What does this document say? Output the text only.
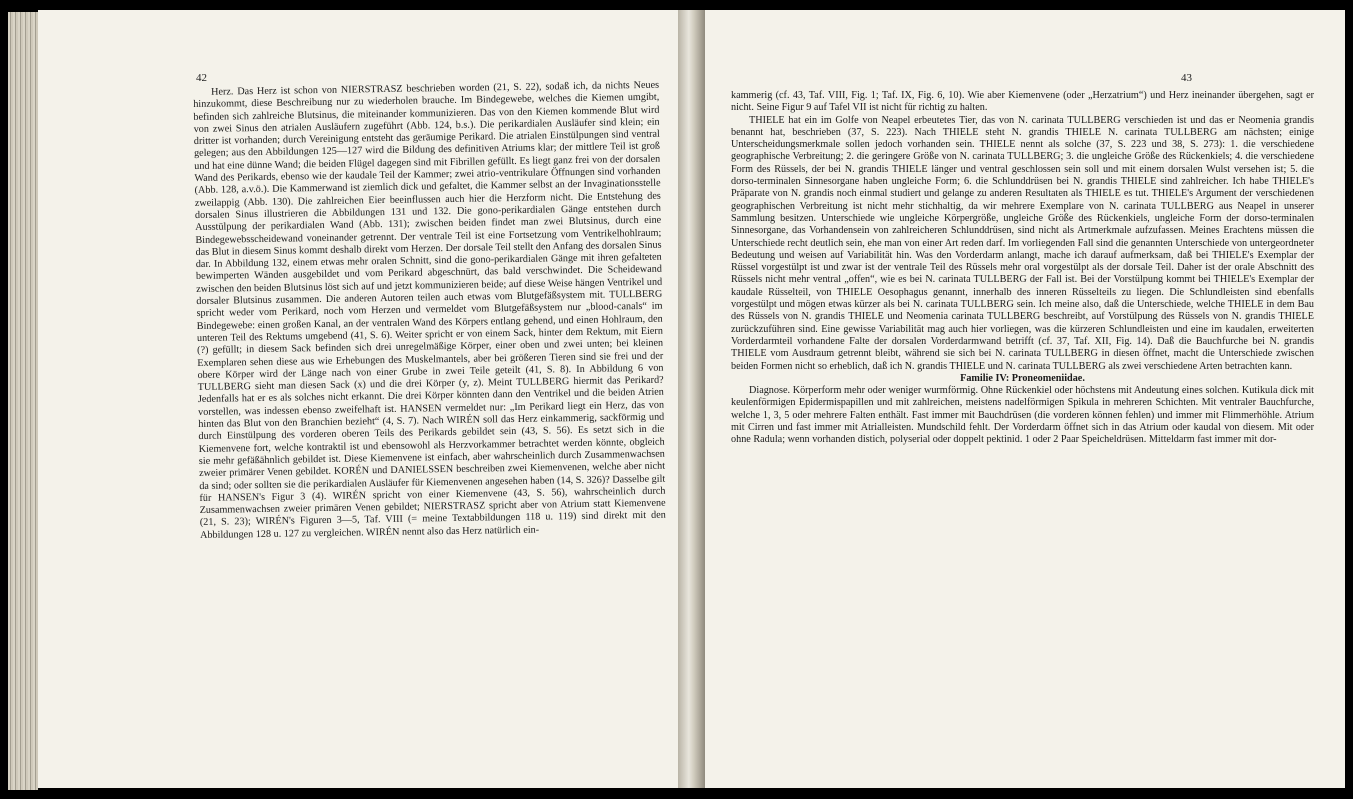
42

Herz. Das Herz ist schon von NIERSTRASZ beschrieben worden (21, S. 22), sodaß ich, da nichts Neues hinzukommt, diese Beschreibung nur zu wiederholen brauche. Im Bindegewebe, welches die Kiemen umgibt, befinden sich zahlreiche Blutsinus, die miteinander kommunizieren. Das von den Kiemen kommende Blut wird von zwei Sinus den atrialen Ausläufern zugeführt (Abb. 124, b.s.). Die perikardialen Ausläufer sind klein; ein dritter ist vorhanden; durch Vereinigung entsteht das geräumige Perikard. Die atrialen Einstülpungen sind ventral gelegen; aus den Abbildungen 125—127 wird die Bildung des definitiven Atriums klar; der mittlere Teil ist groß und hat eine dünne Wand; die beiden Flügel dagegen sind mit Fibrillen gefüllt. Es liegt ganz frei von der dorsalen Wand des Perikards, ebenso wie der kaudale Teil der Kammer; zwei atrio-ventrikulare Öffnungen sind vorhanden (Abb. 128, a.v.ö.). Die Kammerwand ist ziemlich dick und gefaltet, die Kammer selbst an der Invaginationsstelle zweilappig (Abb. 130). Die zahlreichen Eier beeinflussen auch hier die Herzform nicht. Die Entstehung des dorsalen Sinus illustrieren die Abbildungen 131 und 132. Die gono-perikardialen Gänge entstehen durch Ausstülpung der perikardialen Wand (Abb. 131); zwischen beiden findet man zwei Blutsinus, durch eine Bindegewebsscheidewand voneinander getrennt. Der ventrale Teil ist eine Fortsetzung vom Ventrikelhohlraum; das Blut in diesem Sinus kommt deshalb direkt vom Herzen. Der dorsale Teil stellt den Anfang des dorsalen Sinus dar. In Abbildung 132, einem etwas mehr oralen Schnitt, sind die gono-perikardialen Gänge mit ihren gefalteten bewimperten Wänden ausgebildet und vom Perikard abgeschnürt, das bald verschwindet. Die Scheidewand zwischen den beiden Blutsinus löst sich auf und jetzt kommunizieren beide; auf diese Weise hängen Ventrikel und dorsaler Blutsinus zusammen. Die anderen Autoren teilen auch etwas vom Blutgefäßsystem mit. TULLBERG spricht weder vom Perikard, noch vom Herzen und vermeldet vom Blutgefäßsystem nur „blood-canals“ im Bindegewebe: einen großen Kanal, an der ventralen Wand des Körpers entlang gehend, und einen Hohlraum, den unteren Teil des Rektums umgebend (41, S. 6). Weiter spricht er von einem Sack, hinter dem Rektum, mit Eiern (?) gefüllt; in diesem Sack befinden sich drei unregelmäßige Körper, einer oben und zwei unten; bei kleinen Exemplaren sehen diese aus wie Erhebungen des Muskelmantels, aber bei größeren Tieren sind sie frei und der obere Körper wird der Länge nach von einer Grube in zwei Teile geteilt (41, S. 8). In Abbildung 6 von TULLBERG sieht man diesen Sack (x) und die drei Körper (y, z). Meint TULLBERG hiermit das Perikard? Jedenfalls hat er es als solches nicht erkannt. Die drei Körper könnten dann den Ventrikel und die beiden Atrien vorstellen, was indessen ebenso zweifelhaft ist. HANSEN vermeldet nur: „Im Perikard liegt ein Herz, das von hinten das Blut von den Branchien bezieht“ (4, S. 7). Nach WIRÉN soll das Herz einkammerig, sackförmig und durch Einstülpung des vorderen oberen Teils des Perikards gebildet sein (43, S. 56). Es setzt sich in die Kiemenvene fort, welche kontraktil ist und ebensowohl als Herzvorkammer betrachtet werden könnte, obgleich sie mehr gefäßähnlich gebildet ist. Diese Kiemenvene ist einfach, aber wahrscheinlich durch Zusammenwachsen zweier primärer Venen gebildet. KORÉN und DANIELSSEN beschreiben zwei Kiemenvenen, welche aber nicht da sind; oder sollten sie die perikardialen Ausläufer für Kiemenvenen angesehen haben (14, S. 326)? Dasselbe gilt für HANSEN's Figur 3 (4). WIRÉN spricht von einer Kiemenvene (43, S. 56), wahrscheinlich durch Zusammenwachsen zweier primären Venen gebildet; NIERSTRASZ spricht aber von Atrium statt Kiemenvene (21, S. 23); WIRÉN's Figuren 3—5, Taf. VIII (= meine Textabbildungen 118 u. 119) sind direkt mit den Abbildungen 128 u. 127 zu vergleichen. WIRÉN nennt also das Herz natürlich ein-

43

kammerig (cf. 43, Taf. VIII, Fig. 1; Taf. IX, Fig. 6, 10). Wie aber Kiemenvene (oder „Herzatrium“) und Herz ineinander übergehen, sagt er nicht. Seine Figur 9 auf Tafel VII ist nicht für richtig zu halten.

THIELE hat ein im Golfe von Neapel erbeutetes Tier, das von N. carinata TULLBERG verschieden ist und das er Neomenia grandis benannt hat, beschrieben (37, S. 223). Nach THIELE steht N. grandis THIELE N. carinata TULLBERG am nächsten; einige Unterscheidungsmerkmale sollen jedoch vorhanden sein. THIELE nennt als solche (37, S. 223 und 38, S. 273): 1. die verschiedene geographische Verbreitung; 2. die geringere Größe von N. carinata TULLBERG; 3. die ungleiche Größe des Rückenkiels; 4. die verschiedene Form des Rüssels, der bei N. grandis THIELE länger und ventral geschlossen sein soll und mit einem dorsalen Wulst versehen ist; 5. die dorso-terminalen Sinnesorgane haben ungleiche Form; 6. die Schlunddrüsen bei N. grandis THIELE sind zahlreicher. Ich habe THIELE's Präparate von N. grandis noch einmal studiert und gelange zu anderen Resultaten als THIELE es tut. THIELE's Argument der verschiedenen geographischen Verbreitung ist nicht mehr stichhaltig, da wir mehrere Exemplare von N. carinata TULLBERG aus Neapel in unserer Sammlung besitzen. Unterschiede wie ungleiche Körpergröße, ungleiche Größe des Rückenkiels, ungleiche Form der dorso-terminalen Sinnesorgane, das Vorhandensein von zahlreicheren Schlunddrüsen, sind nicht als Artmerkmale aufzufassen. Meines Erachtens müssen die Unterschiede recht deutlich sein, ehe man von einer Art reden darf. Im vorliegenden Fall sind die genannten Unterschiede von untergeordneter Bedeutung und weisen auf Variabilität hin. Was den Vorderdarm anlangt, mache ich darauf aufmerksam, daß bei THIELE's Exemplar der Rüssel vorgestülpt ist und zwar ist der ventrale Teil des Rüssels mehr oral vorgestülpt als der dorsale Teil. Daher ist der orale Abschnitt des Rüssels nicht mehr ventral „offen“, wie es bei N. carinata TULLBERG der Fall ist. Bei der Vorstülpung kommt bei THIELE's Exemplar der kaudale Rüsselteil, von THIELE Oesophagus genannt, innerhalb des inneren Rüsselteils zu liegen. Die Schlundleisten sind ebenfalls vorgestülpt und mögen etwas kürzer als bei N. carinata TULLBERG sein. Ich meine also, daß die Unterschiede, welche THIELE in dem Bau des Rüssels von N. grandis THIELE und Neomenia carinata TULLBERG beschreibt, auf Vorstülpung des Rüssels von N. grandis THIELE zurückzuführen sind. Eine gewisse Variabilität mag auch hier vorliegen, was die kürzeren Schlundleisten und eine im kaudalen, erweiterten Vorderdarmteil vorhandene Falte der dorsalen Vorderdarmwand betrifft (cf. 37, Taf. XII, Fig. 14). Daß die Bauchfurche bei N. grandis THIELE vom Ausdraum getrennt bleibt, während sie sich bei N. carinata TULLBERG in diesen öffnet, macht die Unterschiede zwischen beiden Formen nicht so erheblich, daß ich N. grandis THIELE und N. carinata TULLBERG als zwei verschiedene Arten betrachten kann.

Familie IV: Proneomeniidae.

Diagnose. Körperform mehr oder weniger wurmförmig. Ohne Rückenkiel oder höchstens mit Andeutung eines solchen. Kutikula dick mit keulenförmigen Epidermispapillen und mit zahlreichen, meistens nadelförmigen Spikula in mehreren Schichten. Mit ventraler Bauchfurche, welche 1, 3, 5 oder mehrere Falten enthält. Fast immer mit Bauchdrüsen (die vorderen können fehlen) und immer mit Flimmerhöhle. Atrium mit Cirren und fast immer mit Atrialleisten. Mundschild fehlt. Der Vorderdarm öffnet sich in das Atrium oder kaudal von diesem. Mit oder ohne Radula; wenn vorhanden distich, polyserial oder doppelt pektinid. 1 oder 2 Paar Speicheldrüsen. Mitteldarm fast immer mit dor-
